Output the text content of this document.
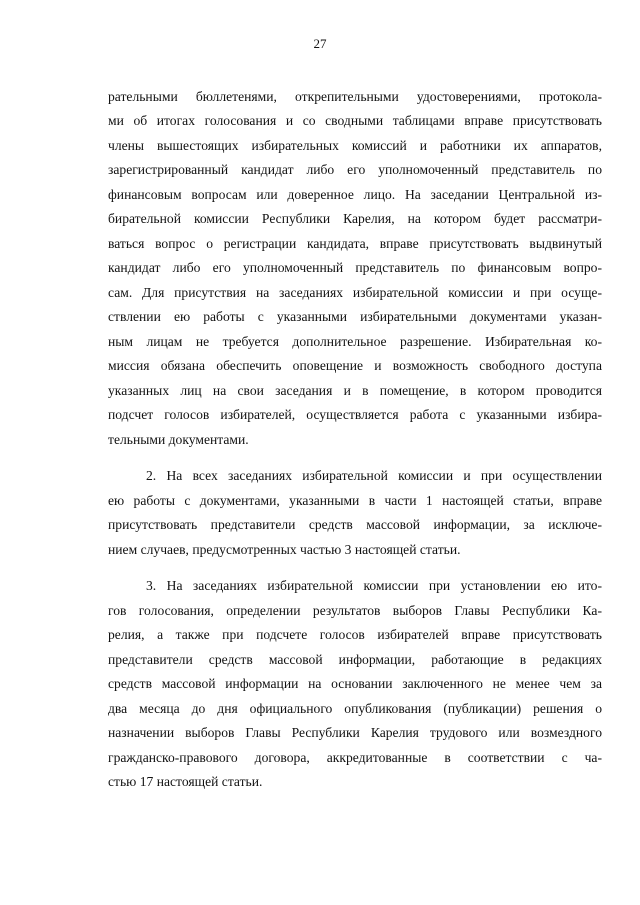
27
рательными бюллетенями, открепительными удостоверениями, протокола-
ми об итогах голосования и со сводными таблицами вправе присутствовать
члены вышестоящих избирательных комиссий и работники их аппаратов,
зарегистрированный кандидат либо его уполномоченный представитель по
финансовым вопросам или доверенное лицо. На заседании Центральной из-
бирательной комиссии Республики Карелия, на котором будет рассматри-
ваться вопрос о регистрации кандидата, вправе присутствовать выдвинутый
кандидат либо его уполномоченный представитель по финансовым вопро-
сам. Для присутствия на заседаниях избирательной комиссии и при осуще-
ствлении ею работы с указанными избирательными документами указан-
ным лицам не требуется дополнительное разрешение. Избирательная ко-
миссия обязана обеспечить оповещение и возможность свободного доступа
указанных лиц на свои заседания и в помещение, в котором проводится
подсчет голосов избирателей, осуществляется работа с указанными избира-
тельными документами.
2. На всех заседаниях избирательной комиссии и при осуществлении
ею работы с документами, указанными в части 1 настоящей статьи, вправе
присутствовать представители средств массовой информации, за исключе-
нием случаев, предусмотренных частью 3 настоящей статьи.
3. На заседаниях избирательной комиссии при установлении ею ито-
гов голосования, определении результатов выборов Главы Республики Ка-
релия, а также при подсчете голосов избирателей вправе присутствовать
представители средств массовой информации, работающие в редакциях
средств массовой информации на основании заключенного не менее чем за
два месяца до дня официального опубликования (публикации) решения о
назначении выборов Главы Республики Карелия трудового или возмездного
гражданско-правового договора, аккредитованные в соответствии с ча-
стью 17 настоящей статьи.
